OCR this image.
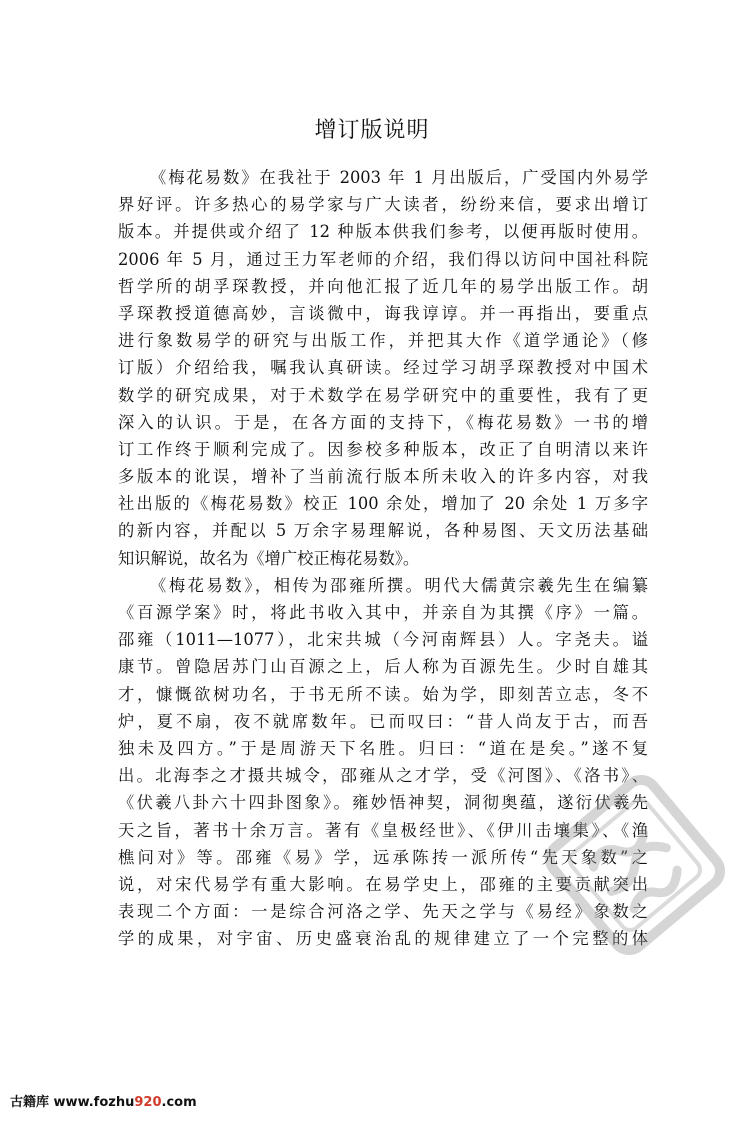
增订版说明
《梅花易数》在我社于 2003 年 1 月出版后，广受国内外易学
界好评。许多热心的易学家与广大读者，纷纷来信，要求出增订
版本。并提供或介绍了 12 种版本供我们参考，以便再版时使用。
2006 年 5 月，通过王力军老师的介绍，我们得以访问中国社科院
哲学所的胡孚琛教授，并向他汇报了近几年的易学出版工作。胡
孚琛教授道德高妙，言谈微中，诲我谆谆。并一再指出，要重点
进行象数易学的研究与出版工作，并把其大作《道学通论》（修
订版）介绍给我，嘱我认真研读。经过学习胡孚琛教授对中国术
数学的研究成果，对于术数学在易学研究中的重要性，我有了更
深入的认识。于是，在各方面的支持下，《梅花易数》一书的增
订工作终于顺利完成了。因参校多种版本，改正了自明清以来许
多版本的讹误，增补了当前流行版本所未收入的许多内容，对我
社出版的《梅花易数》校正 100 余处，增加了 20 余处 1 万多字
的新内容，并配以 5 万余字易理解说，各种易图、天文历法基础
知识解说，故名为《增广校正梅花易数》。
《梅花易数》，相传为邵雍所撰。明代大儒黄宗羲先生在编纂
《百源学案》时，将此书收入其中，并亲自为其撰《序》一篇。
邵雍（1011—1077），北宋共城（今河南辉县）人。字尧夫。谥
康节。曾隐居苏门山百源之上，后人称为百源先生。少时自雄其
才，慷慨欲树功名，于书无所不读。始为学，即刻苦立志，冬不
炉，夏不扇，夜不就席数年。已而叹曰：“昔人尚友于古，而吾
独未及四方。”于是周游天下名胜。归曰：“道在是矣。”遂不复
出。北海李之才摄共城令，邵雍从之才学，受《河图》、《洛书》、
《伏羲八卦六十四卦图象》。雍妙悟神契，洞彻奥蕴，遂衍伏羲先
天之旨，著书十余万言。著有《皇极经世》、《伊川击壤集》、《渔
樵问对》等。邵雍《易》学，远承陈抟一派所传“先天象数”之
说，对宋代易学有重大影响。在易学史上，邵雍的主要贡献突出
表现二个方面：一是综合河洛之学、先天之学与《易经》象数之
学的成果，对宇宙、历史盛衰治乱的规律建立了一个完整的体
古籍库 www.fozhu920.com
